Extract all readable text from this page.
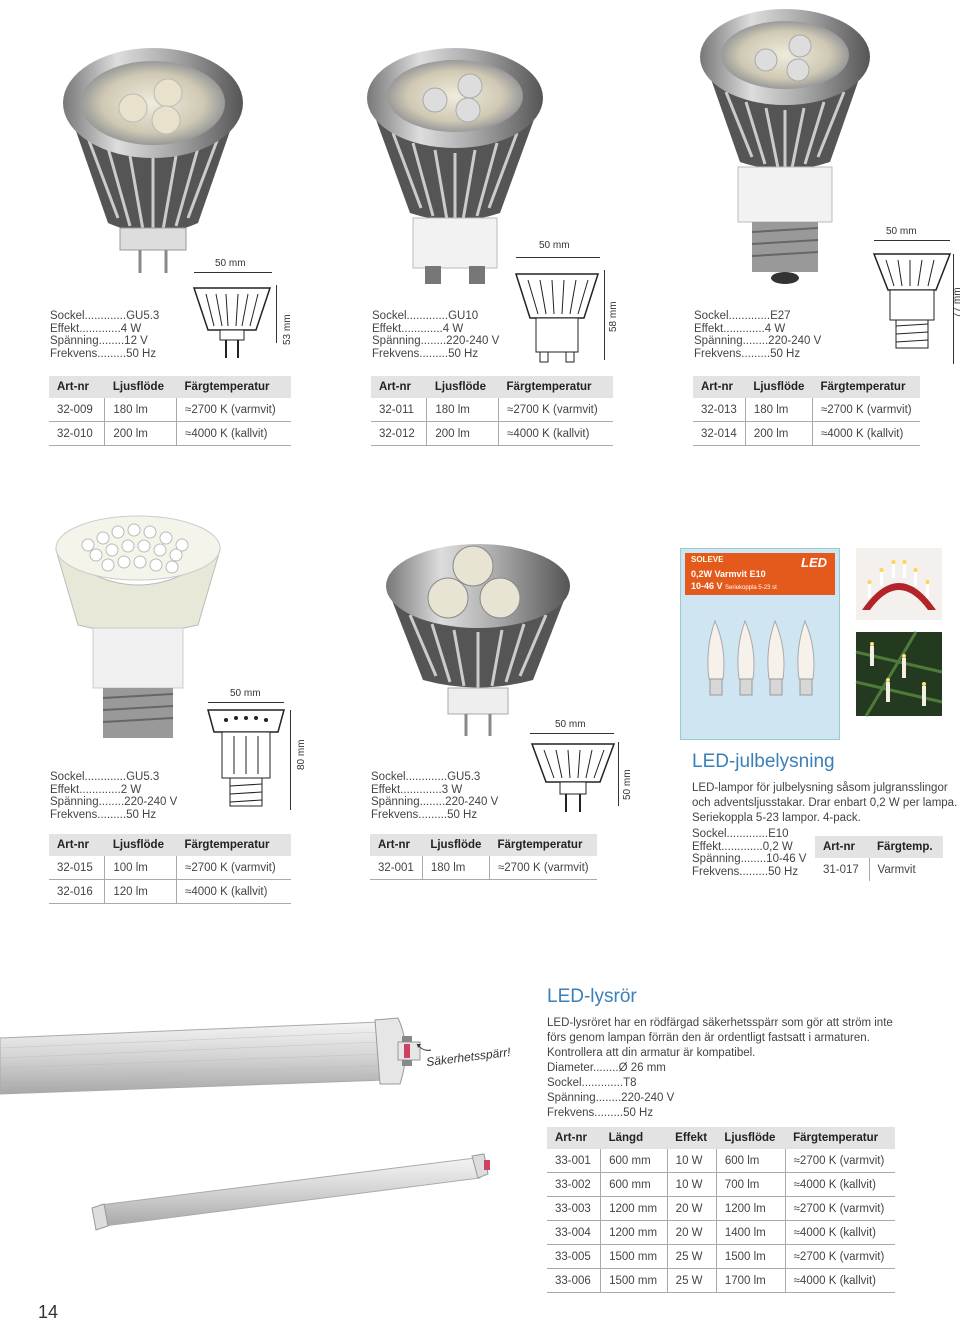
50 mm
53 mm
Sockel.............GU5.3
Effekt.............4 W
Spänning........12 V
Frekvens.........50 Hz
Art-nr	Ljusflöde	Färgtemperatur
32-009	180 lm	≈2700 K (varmvit)
32-010	200 lm	≈4000 K (kallvit)
50 mm
58 mm
Sockel.............GU10
Effekt.............4 W
Spänning........220-240 V
Frekvens.........50 Hz
Art-nr	Ljusflöde	Färgtemperatur
32-011	180 lm	≈2700 K (varmvit)
32-012	200 lm	≈4000 K (kallvit)
50 mm
77 mm
Sockel.............E27
Effekt.............4 W
Spänning........220-240 V
Frekvens.........50 Hz
Art-nr	Ljusflöde	Färgtemperatur
32-013	180 lm	≈2700 K (varmvit)
32-014	200 lm	≈4000 K (kallvit)
50 mm
80 mm
Sockel.............GU5.3
Effekt.............2 W
Spänning........220-240 V
Frekvens.........50 Hz
Art-nr	Ljusflöde	Färgtemperatur
32-015	100 lm	≈2700 K (varmvit)
32-016	120 lm	≈4000 K (kallvit)
50 mm
50 mm
Sockel.............GU5.3
Effekt.............3 W
Spänning........220-240 V
Frekvens.........50 Hz
Art-nr	Ljusflöde	Färgtemperatur
32-001	180 lm	≈2700 K (varmvit)
SOLEVE	LED
0,2W Varmvit E10
10-46 V Seriekoppla 5-23 st
LED-julbelysning
LED-lampor för julbelysning såsom julgransslingor
och adventsljusstakar. Drar enbart 0,2 W per lampa.
Seriekoppla 5-23 lampor. 4-pack.
Sockel.............E10
Effekt.............0,2 W
Spänning........10-46 V
Frekvens.........50 Hz
Art-nr	Färgtemp.
31-017	Varmvit
Säkerhetsspärr!
LED-lysrör
LED-lysröret har en rödfärgad säkerhetsspärr som gör att ström inte
förs genom lampan förrän den är ordentligt fastsatt i armaturen.
Kontrollera att din armatur är kompatibel.
Diameter........Ø 26 mm
Sockel.............T8
Spänning........220-240 V
Frekvens.........50 Hz
Art-nr	Längd	Effekt	Ljusflöde	Färgtemperatur
33-001	600 mm	10 W	600 lm	≈2700 K (varmvit)
33-002	600 mm	10 W	700 lm	≈4000 K (kallvit)
33-003	1200 mm	20 W	1200 lm	≈2700 K (varmvit)
33-004	1200 mm	20 W	1400 lm	≈4000 K (kallvit)
33-005	1500 mm	25 W	1500 lm	≈2700 K (varmvit)
33-006	1500 mm	25 W	1700 lm	≈4000 K (kallvit)
14
